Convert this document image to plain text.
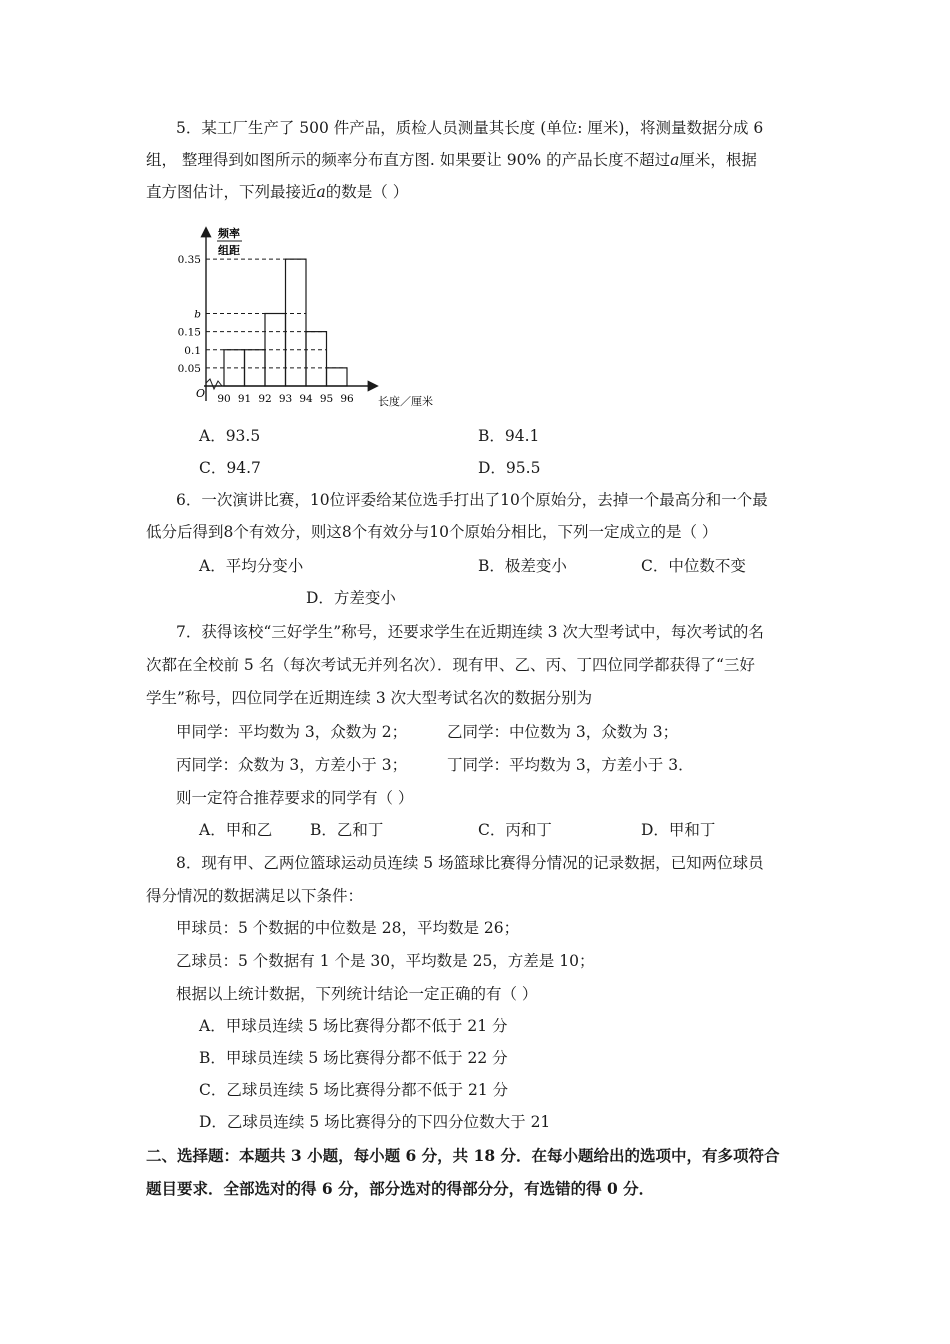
5．某工厂生产了 500 件产品，质检人员测量其长度 (单位: 厘米)，将测量数据分成 6
组， 整理得到如图所示的频率分布直方图. 如果要让 90% 的产品长度不超过a厘米，根据
直方图估计，下列最接近a的数是（ ）
频率
组距
O
0.35
b
0.15
0.1
0.05
90 91 92 93 94 95 96 长度／厘米
A．93.5	B．94.1
C．94.7	D．95.5
6．一次演讲比赛，10位评委给某位选手打出了10个原始分，去掉一个最高分和一个最
低分后得到8个有效分，则这8个有效分与10个原始分相比，下列一定成立的是（ ）
A．平均分变小	B．极差变小	C．中位数不变
D．方差变小
7．获得该校“三好学生”称号，还要求学生在近期连续 3 次大型考试中，每次考试的名
次都在全校前 5 名（每次考试无并列名次）．现有甲、乙、丙、丁四位同学都获得了“三好
学生”称号，四位同学在近期连续 3 次大型考试名次的数据分别为
甲同学：平均数为 3，众数为 2；	乙同学：中位数为 3，众数为 3；
丙同学：众数为 3，方差小于 3；	丁同学：平均数为 3，方差小于 3．
则一定符合推荐要求的同学有（ ）
A．甲和乙 B．乙和丁	C．丙和丁	D．甲和丁
8．现有甲、乙两位篮球运动员连续 5 场篮球比赛得分情况的记录数据，已知两位球员
得分情况的数据满足以下条件：
甲球员：5 个数据的中位数是 28，平均数是 26；
乙球员：5 个数据有 1 个是 30，平均数是 25，方差是 10；
根据以上统计数据，下列统计结论一定正确的有（ ）
A．甲球员连续 5 场比赛得分都不低于 21 分
B．甲球员连续 5 场比赛得分都不低于 22 分
C．乙球员连续 5 场比赛得分都不低于 21 分
D．乙球员连续 5 场比赛得分的下四分位数大于 21
二、选择题：本题共 3 小题，每小题 6 分，共 18 分．在每小题给出的选项中，有多项符合
题目要求．全部选对的得 6 分，部分选对的得部分分，有选错的得 0 分．
